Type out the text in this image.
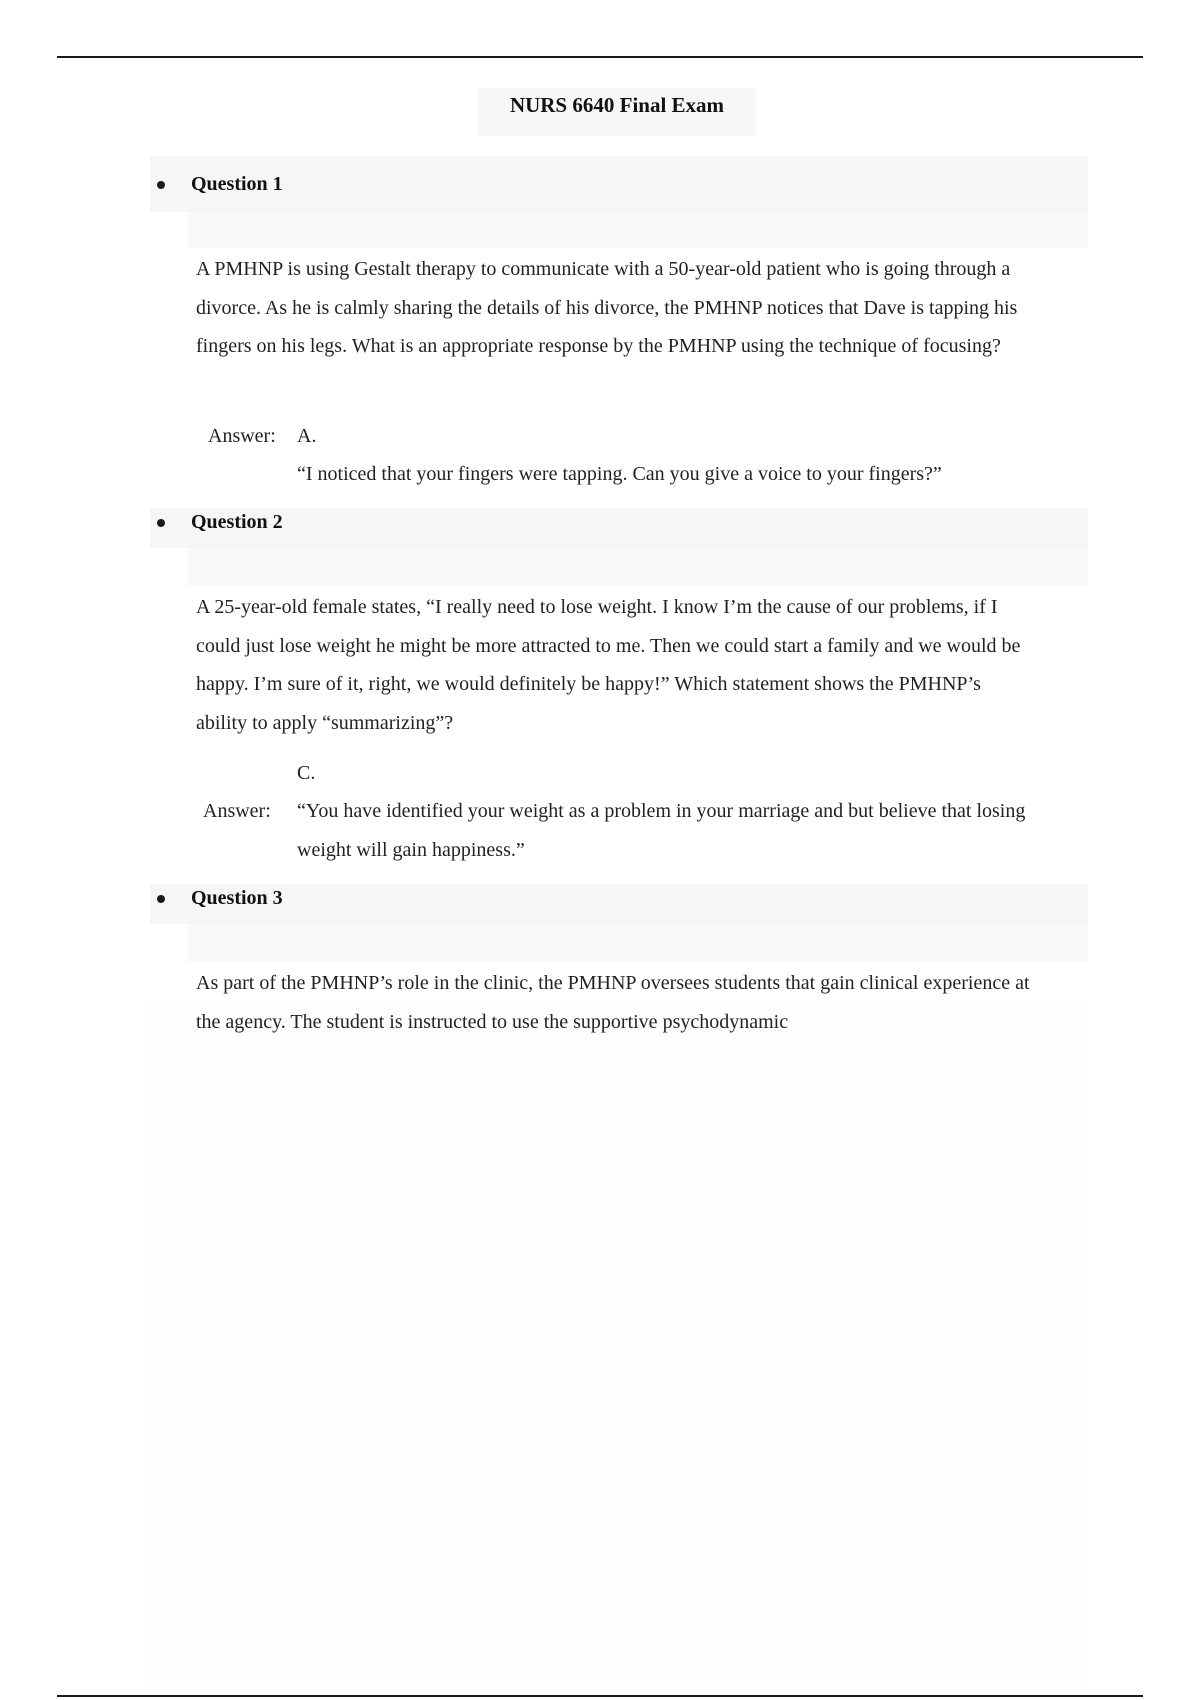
NURS 6640 Final Exam
Question 1

A PMHNP is using Gestalt therapy to communicate with a 50-year-old patient who is going through a divorce. As he is calmly sharing the details of his divorce, the PMHNP notices that Dave is tapping his fingers on his legs. What is an appropriate response by the PMHNP using the technique of focusing?

Answer: A.

“I noticed that your fingers were tapping. Can you give a voice to your fingers?”

Question 2

A 25-year-old female states, “I really need to lose weight. I know I’m the cause of our problems, if I could just lose weight he might be more attracted to me. Then we could start a family and we would be happy. I’m sure of it, right, we would definitely be happy!” Which statement shows the PMHNP’s ability to apply “summarizing”?

C.
Answer: “You have identified your weight as a problem in your marriage and but believe that losing weight will gain happiness.”

Question 3

As part of the PMHNP’s role in the clinic, the PMHNP oversees students that gain clinical experience at the agency. The student is instructed to use the supportive psychodynamic
